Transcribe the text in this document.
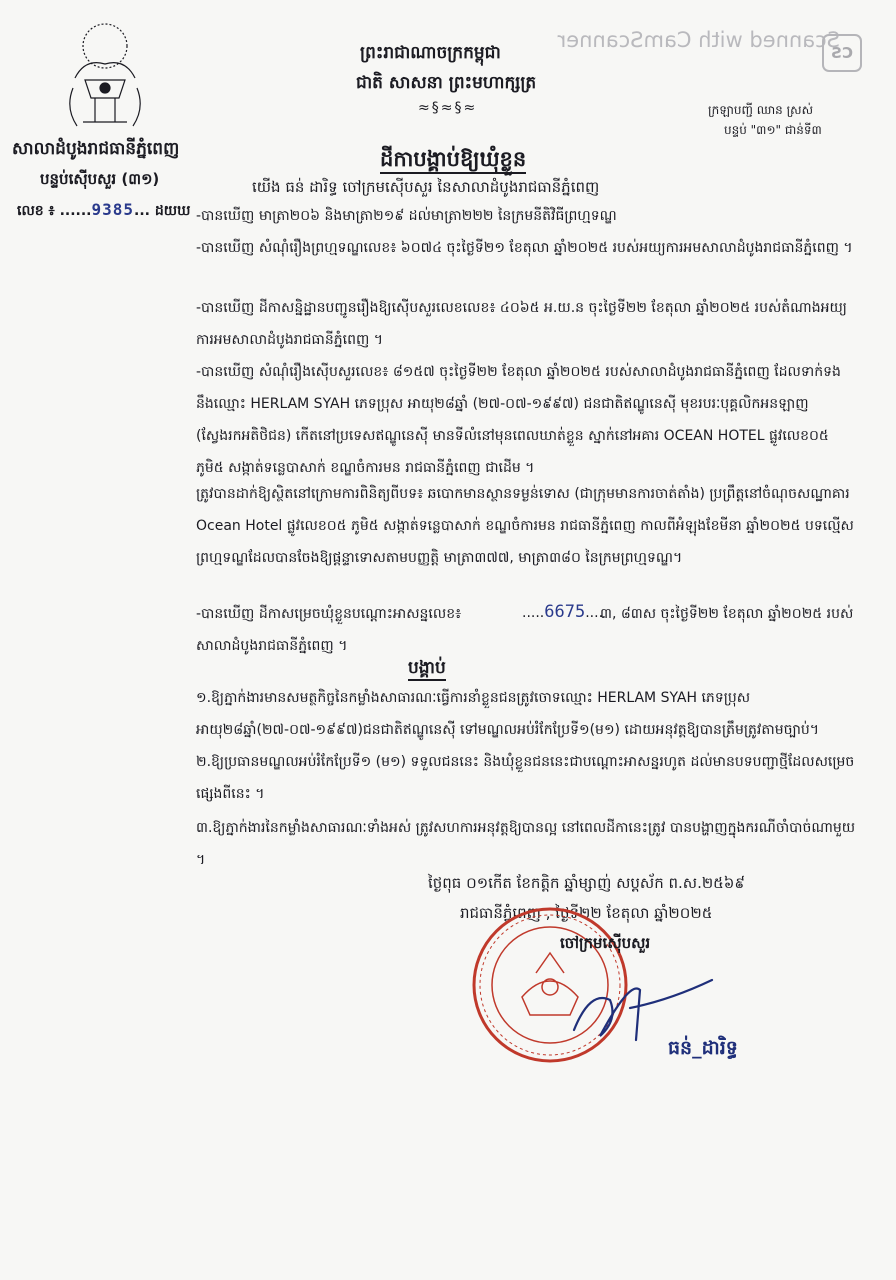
Scanned with CamScanner
CS
សាលាដំបូងរាជធានីភ្នំពេញ
បន្ទប់ស៊ើបសួរ (៣១)
លេខ ៖ ......9385... ដយឃ
ព្រះរាជាណាចក្រកម្ពុជា
ជាតិ សាសនា ព្រះមហាក្សត្រ
≈§≈§≈	ក្រឡាបញ្ជី ឈាន ស្រស់
បន្ទប់ "៣១" ជាន់ទី៣
ដីកាបង្គាប់ឱ្យឃុំខ្លួន
យើង ធន់ ដារិទ្ធ ចៅក្រមស៊ើបសួរ នៃសាលាដំបូងរាជធានីភ្នំពេញ
-បានឃើញ មាត្រា២០៦ និងមាត្រា២១៩ ដល់មាត្រា២២២ នៃក្រមនីតិវិធីព្រហ្មទណ្ឌ
-បានឃើញ សំណុំរឿងព្រហ្មទណ្ឌលេខ៖ ៦០៧៤ ចុះថ្ងៃទី២១ ខែតុលា ឆ្នាំ២០២៥ របស់អយ្យការអមសាលាដំបូងរាជធានីភ្នំពេញ ។
-បានឃើញ ដីកាសន្និដ្ឋានបញ្ជូនរឿងឱ្យស៊ើបសួរលេខលេខ៖ ៤០៦៥ អ.យ.ន ចុះថ្ងៃទី២២ ខែតុលា ឆ្នាំ២០២៥ របស់តំណាងអយ្យការអមសាលាដំបូងរាជធានីភ្នំពេញ ។
-បានឃើញ សំណុំរឿងស៊ើបសួរលេខ៖ ៨១៥៧ ចុះថ្ងៃទី២២ ខែតុលា ឆ្នាំ២០២៥ របស់សាលាដំបូងរាជធានីភ្នំពេញ ដែលទាក់ទងនឹងឈ្មោះ HERLAM SYAH ភេទប្រុស អាយុ២៨ឆ្នាំ (២៧-០៧-១៩៩៧) ជនជាតិឥណ្ឌូនេស៊ី មុខរបរៈបុគ្គលិកអនឡាញ (ស្វែងរកអតិថិជន) កើតនៅប្រទេសឥណ្ឌូនេស៊ី មានទីលំនៅមុនពេលឃាត់ខ្លួន ស្នាក់នៅអគារ OCEAN HOTEL ផ្លូវលេខ០៥ ភូមិ៥ សង្កាត់ទន្លេបាសាក់ ខណ្ឌចំការមន រាជធានីភ្នំពេញ ជាដើម ។
ត្រូវបានដាក់ឱ្យស្ថិតនៅក្រោមការពិនិត្យពីបទ៖ ឆបោកមានស្ថានទម្ងន់ទោស (ជាក្រុមមានការចាត់តាំង) ប្រព្រឹត្តនៅចំណុចសណ្ឋាគារ Ocean Hotel ផ្លូវលេខ០៥ ភូមិ៥ សង្កាត់ទន្លេបាសាក់ ខណ្ឌចំការមន រាជធានីភ្នំពេញ កាលពីអំឡុងខែមីនា ឆ្នាំ២០២៥ បទល្មើសព្រហ្មទណ្ឌដែលបានចែងឱ្យផ្តន្ទាទោសតាមបញ្ញត្តិ មាត្រា៣៧៧, មាត្រា៣៨០ នៃក្រមព្រហ្មទណ្ឌ។
-បានឃើញ ដីកាសម្រេចឃុំខ្លួនបណ្តោះអាសន្នលេខ៖	.....6675....
៣, ៨៣ស ចុះថ្ងៃទី២២ ខែតុលា ឆ្នាំ២០២៥ របស់សាលាដំបូងរាជធានីភ្នំពេញ ។
បង្គាប់
១.ឱ្យភ្នាក់ងារមានសមត្ថកិច្ចនៃកម្លាំងសាធារណៈធ្វើការនាំខ្លួនជនត្រូវចោទឈ្មោះ HERLAM SYAH ភេទប្រុស អាយុ២៨ឆ្នាំ(២៧-០៧-១៩៩៧)ជនជាតិឥណ្ឌូនេស៊ី ទៅមណ្ឌលអប់រំកែប្រែទី១(ម១) ដោយអនុវត្តឱ្យបានត្រឹមត្រូវតាមច្បាប់។
២.ឱ្យប្រធានមណ្ឌលអប់រំកែប្រែទី១ (ម១) ទទួលជននេះ និងឃុំខ្លួនជននេះជាបណ្តោះអាសន្នរហូត ដល់មានបទបញ្ជាថ្មីដែលសម្រេចផ្សេងពីនេះ ។
៣.ឱ្យភ្នាក់ងារនៃកម្លាំងសាធារណៈទាំងអស់ ត្រូវសហការអនុវត្តឱ្យបានល្អ នៅពេលដីកានេះត្រូវ បានបង្ហាញក្នុងករណីចាំបាច់ណាមួយ ។
ថ្ងៃពុធ ០១កើត ខែកត្តិក ឆ្នាំម្សាញ់ សប្តស័ក ព.ស.២៥៦៩
រាជធានីភ្នំពេញ , ថ្ងៃទី២២ ខែតុលា ឆ្នាំ២០២៥
ចៅក្រមស៊ើបសួរ
ធន់_ដារិទ្ធ
